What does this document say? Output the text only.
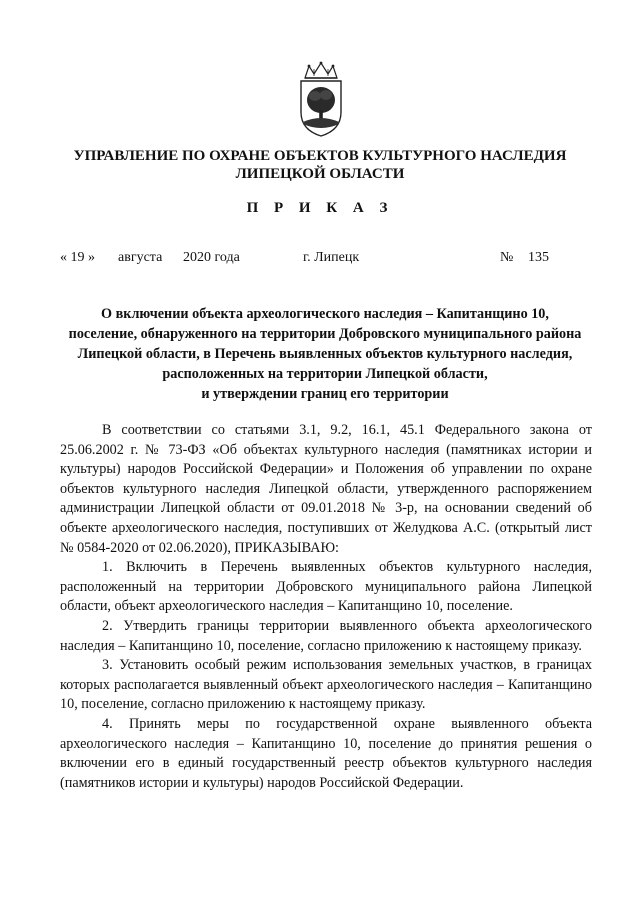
УПРАВЛЕНИЕ ПО ОХРАНЕ ОБЪЕКТОВ КУЛЬТУРНОГО НАСЛЕДИЯ
ЛИПЕЦКОЙ ОБЛАСТИ
П Р И К А З
« 19 » августа 2020 года	г. Липецк	№ 135
О включении объекта археологического наследия – Капитанщино 10,
поселение, обнаруженного на территории Добровского муниципального района
Липецкой области, в Перечень выявленных объектов культурного наследия,
расположенных на территории Липецкой области,
и утверждении границ его территории

В соответствии со статьями 3.1, 9.2, 16.1, 45.1 Федерального закона от 25.06.2002 г. № 73-ФЗ «Об объектах культурного наследия (памятниках истории и культуры) народов Российской Федерации» и Положения об управлении по охране объектов культурного наследия Липецкой области, утвержденного распоряжением администрации Липецкой области от 09.01.2018 № 3-р, на основании сведений об объекте археологического наследия, поступивших от Желудкова А.С. (открытый лист № 0584-2020 от 02.06.2020), ПРИКАЗЫВАЮ:

1. Включить в Перечень выявленных объектов культурного наследия, расположенный на территории Добровского муниципального района Липецкой области, объект археологического наследия – Капитанщино 10, поселение.

2. Утвердить границы территории выявленного объекта археологического наследия – Капитанщино 10, поселение, согласно приложению к настоящему приказу.

3. Установить особый режим использования земельных участков, в границах которых располагается выявленный объект археологического наследия – Капитанщино 10, поселение, согласно приложению к настоящему приказу.

4. Принять меры по государственной охране выявленного объекта археологического наследия – Капитанщино 10, поселение до принятия решения о включении его в единый государственный реестр объектов культурного наследия (памятников истории и культуры) народов Российской Федерации.
